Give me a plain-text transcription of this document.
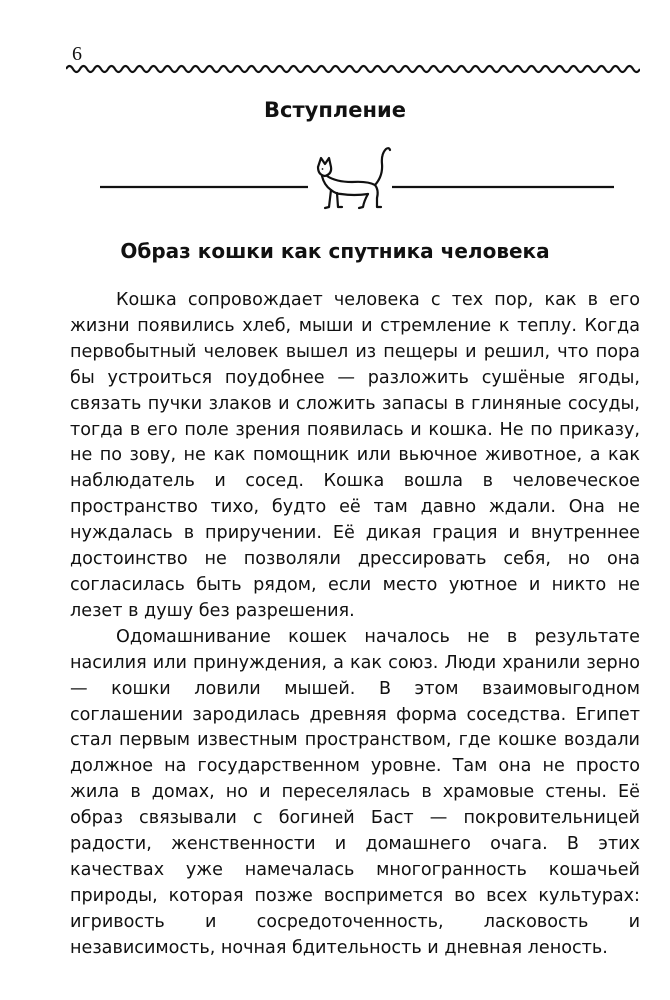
6
Вступление
Образ кошки как спутника человека

Кошка сопровождает человека с тех пор, как в его жизни появились хлеб, мыши и стремление к теплу. Когда первобытный человек вышел из пещеры и решил, что пора бы устроиться поудобнее — разложить сушёные ягоды, связать пучки злаков и сложить запасы в глиняные сосуды, тогда в его поле зрения появилась и кошка. Не по приказу, не по зову, не как помощник или вьючное животное, а как наблюдатель и сосед. Кошка вошла в человеческое пространство тихо, будто её там давно ждали. Она не нуждалась в приручении. Её дикая грация и внутреннее достоинство не позволяли дрессировать себя, но она согласилась быть рядом, если место уютное и никто не лезет в душу без разрешения.

Одомашнивание кошек началось не в результате насилия или принуждения, а как союз. Люди хранили зерно — кошки ловили мышей. В этом взаимовыгодном соглашении зародилась древняя форма соседства. Египет стал первым известным пространством, где кошке воздали должное на государственном уровне. Там она не просто жила в домах, но и переселялась в храмовые стены. Её образ связывали с богиней Баст — покровительницей радости, женственности и домашнего очага. В этих качествах уже намечалась многогранность кошачьей природы, которая позже воспримется во всех культурах: игривость и сосредоточенность, ласковость и независимость, ночная бдительность и дневная леность.
